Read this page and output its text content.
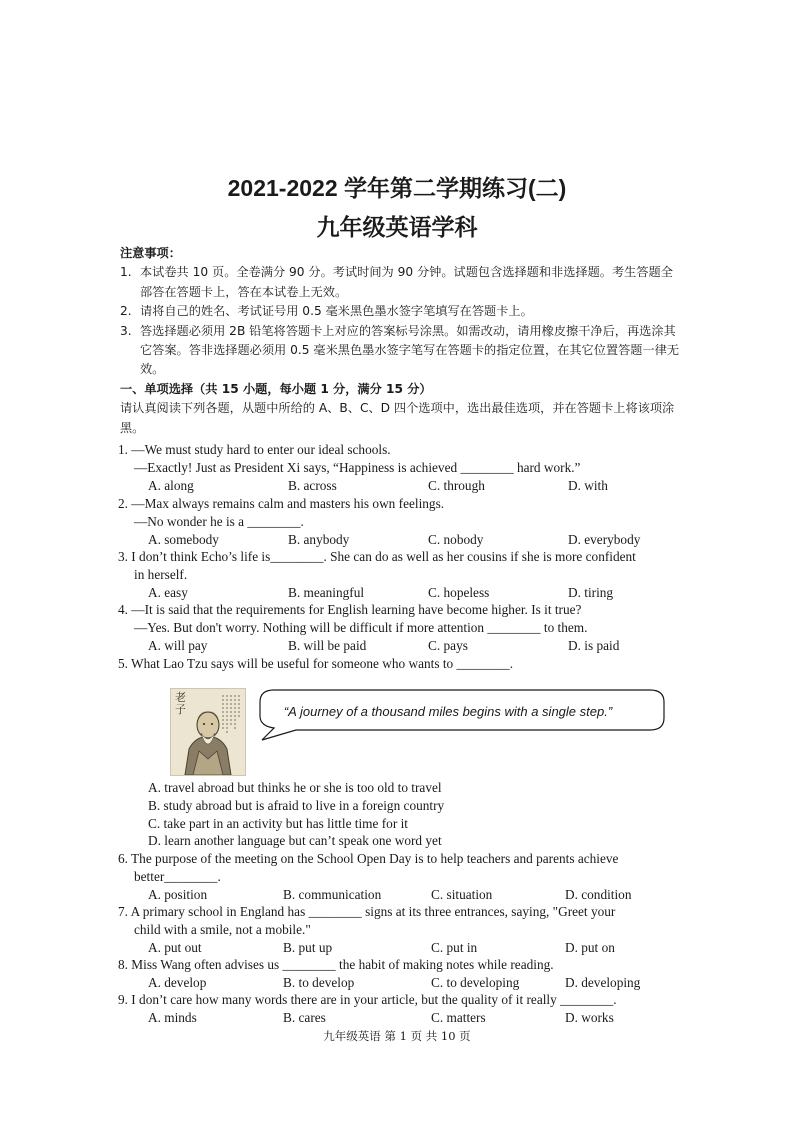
2021-2022 学年第二学期练习(二)
九年级英语学科
注意事项：
1. 本试卷共 10 页。全卷满分 90 分。考试时间为 90 分钟。试题包含选择题和非选择题。考生答题全部答在答题卡上，答在本试卷上无效。
2. 请将自己的姓名、考试证号用 0.5 毫米黑色墨水签字笔填写在答题卡上。
3. 答选择题必须用 2B 铅笔将答题卡上对应的答案标号涂黑。如需改动，请用橡皮擦干净后，再选涂其它答案。答非选择题必须用 0.5 毫米黑色墨水签字笔写在答题卡的指定位置，在其它位置答题一律无效。
一、单项选择（共 15 小题，每小题 1 分，满分 15 分）
请认真阅读下列各题，从题中所给的 A、B、C、D 四个选项中，选出最佳选项，并在答题卡上将该项涂黑。
1. —We must study hard to enter our ideal schools.
—Exactly! Just as President Xi says, “Happiness is achieved ________ hard work.”
A. along	B. across	C. through	D. with
2. —Max always remains calm and masters his own feelings.
—No wonder he is a ________.
A. somebody	B. anybody	C. nobody	D. everybody
3. I don’t think Echo’s life is________. She can do as well as her cousins if she is more confident
in herself.
A. easy	B. meaningful	C. hopeless	D. tiring
4. —It is said that the requirements for English learning have become higher. Is it true?
—Yes. But don't worry. Nothing will be difficult if more attention ________ to them.
A. will pay	B. will be paid	C. pays	D. is paid
5. What Lao Tzu says will be useful for someone who wants to ________.
老子	“A journey of a thousand miles begins with a single step.”
A. travel abroad but thinks he or she is too old to travel
B. study abroad but is afraid to live in a foreign country
C. take part in an activity but has little time for it
D. learn another language but can’t speak one word yet
6. The purpose of the meeting on the School Open Day is to help teachers and parents achieve
better________.
A. position	B. communication	C. situation	D. condition
7. A primary school in England has ________ signs at its three entrances, saying, "Greet your
child with a smile, not a mobile."
A. put out	B. put up	C. put in	D. put on
8. Miss Wang often advises us ________ the habit of making notes while reading.
A. develop	B. to develop	C. to developing	D. developing
9. I don’t care how many words there are in your article, but the quality of it really ________.
A. minds	B. cares	C. matters	D. works
九年级英语 第 1 页 共 10 页
